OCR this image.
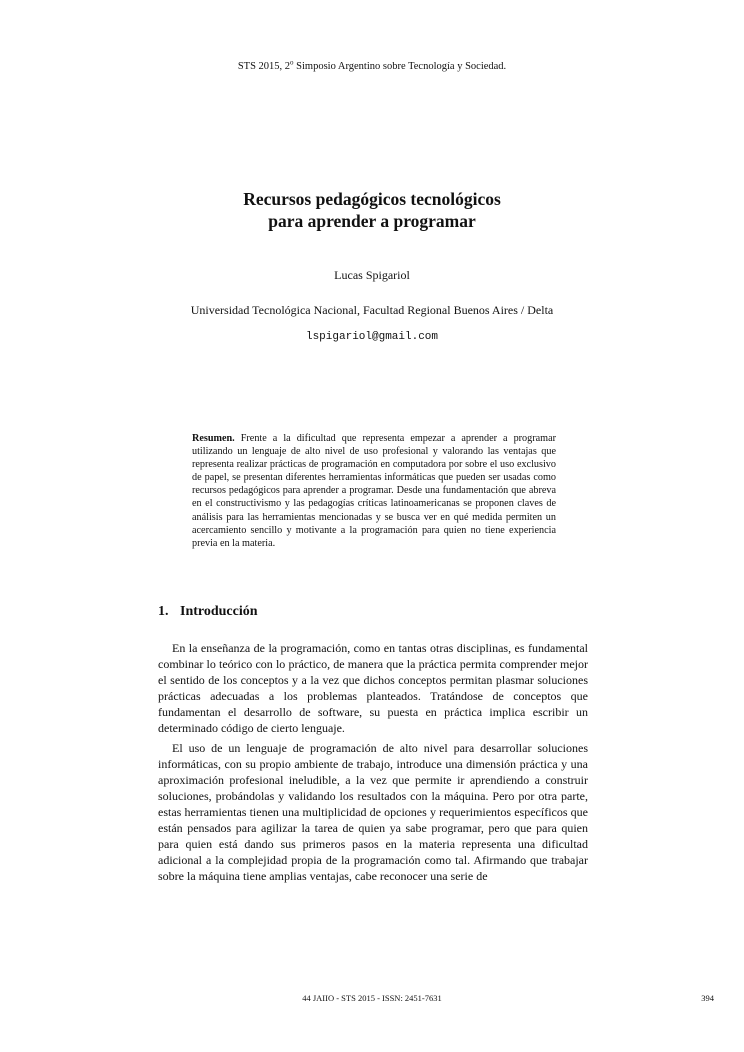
STS 2015, 2$^o$ Simposio Argentino sobre Tecnología y Sociedad.
Recursos pedagógicos tecnológicos
para aprender a programar
Lucas Spigariol
Universidad Tecnológica Nacional, Facultad Regional Buenos Aires / Delta
lspigariol@gmail.com
Resumen. Frente a la dificultad que representa empezar a aprender a programar utilizando un lenguaje de alto nivel de uso profesional y valorando las ventajas que representa realizar prácticas de programación en computadora por sobre el uso exclusivo de papel, se presentan diferentes herramientas informáticas que pueden ser usadas como recursos pedagógicos para aprender a programar. Desde una fundamentación que abreva en el constructivismo y las pedagogías críticas latinoamericanas se proponen claves de análisis para las herramientas mencionadas y se busca ver en qué medida permiten un acercamiento sencillo y motivante a la programación para quien no tiene experiencia previa en la materia.
1. Introducción

En la enseñanza de la programación, como en tantas otras disciplinas, es fundamental combinar lo teórico con lo práctico, de manera que la práctica permita comprender mejor el sentido de los conceptos y a la vez que dichos conceptos permitan plasmar soluciones prácticas adecuadas a los problemas planteados. Tratándose de conceptos que fundamentan el desarrollo de software, su puesta en práctica implica escribir un determinado código de cierto lenguaje.

El uso de un lenguaje de programación de alto nivel para desarrollar soluciones informáticas, con su propio ambiente de trabajo, introduce una dimensión práctica y una aproximación profesional ineludible, a la vez que permite ir aprendiendo a construir soluciones, probándolas y validando los resultados con la máquina. Pero por otra parte, estas herramientas tienen una multiplicidad de opciones y requerimientos específicos que están pensados para agilizar la tarea de quien ya sabe programar, pero que para quien para quien está dando sus primeros pasos en la materia representa una dificultad adicional a la complejidad propia de la programación como tal. Afirmando que trabajar sobre la máquina tiene amplias ventajas, cabe reconocer una serie de

44 JAIIO - STS 2015 - ISSN: 2451-7631	394
